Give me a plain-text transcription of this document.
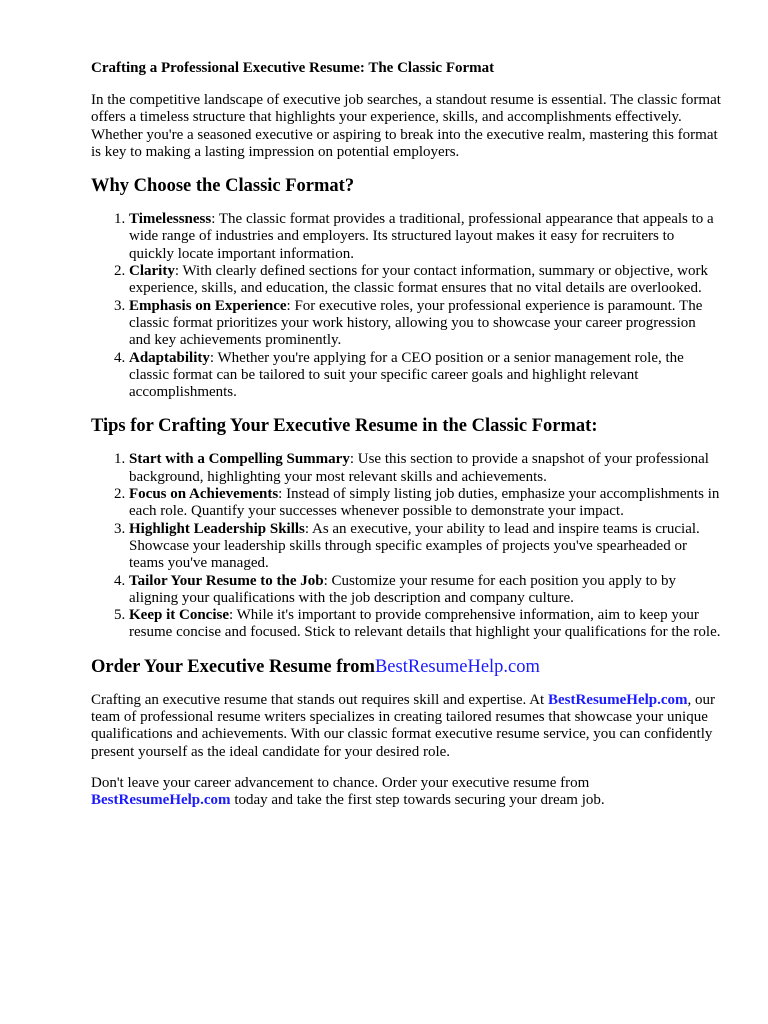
Crafting a Professional Executive Resume: The Classic Format

In the competitive landscape of executive job searches, a standout resume is essential. The classic format offers a timeless structure that highlights your experience, skills, and accomplishments effectively. Whether you're a seasoned executive or aspiring to break into the executive realm, mastering this format is key to making a lasting impression on potential employers.

Why Choose the Classic Format?
1. Timelessness: The classic format provides a traditional, professional appearance that appeals to a wide range of industries and employers. Its structured layout makes it easy for recruiters to quickly locate important information.
2. Clarity: With clearly defined sections for your contact information, summary or objective, work experience, skills, and education, the classic format ensures that no vital details are overlooked.
3. Emphasis on Experience: For executive roles, your professional experience is paramount. The classic format prioritizes your work history, allowing you to showcase your career progression and key achievements prominently.
4. Adaptability: Whether you're applying for a CEO position or a senior management role, the classic format can be tailored to suit your specific career goals and highlight relevant accomplishments.
Tips for Crafting Your Executive Resume in the Classic Format:
1. Start with a Compelling Summary: Use this section to provide a snapshot of your professional background, highlighting your most relevant skills and achievements.
2. Focus on Achievements: Instead of simply listing job duties, emphasize your accomplishments in each role. Quantify your successes whenever possible to demonstrate your impact.
3. Highlight Leadership Skills: As an executive, your ability to lead and inspire teams is crucial. Showcase your leadership skills through specific examples of projects you've spearheaded or teams you've managed.
4. Tailor Your Resume to the Job: Customize your resume for each position you apply to by aligning your qualifications with the job description and company culture.
5. Keep it Concise: While it's important to provide comprehensive information, aim to keep your resume concise and focused. Stick to relevant details that highlight your qualifications for the role.
Order Your Executive Resume fromBestResumeHelp.com

Crafting an executive resume that stands out requires skill and expertise. At BestResumeHelp.com, our team of professional resume writers specializes in creating tailored resumes that showcase your unique qualifications and achievements. With our classic format executive resume service, you can confidently present yourself as the ideal candidate for your desired role.

Don't leave your career advancement to chance. Order your executive resume from BestResumeHelp.com today and take the first step towards securing your dream job.
